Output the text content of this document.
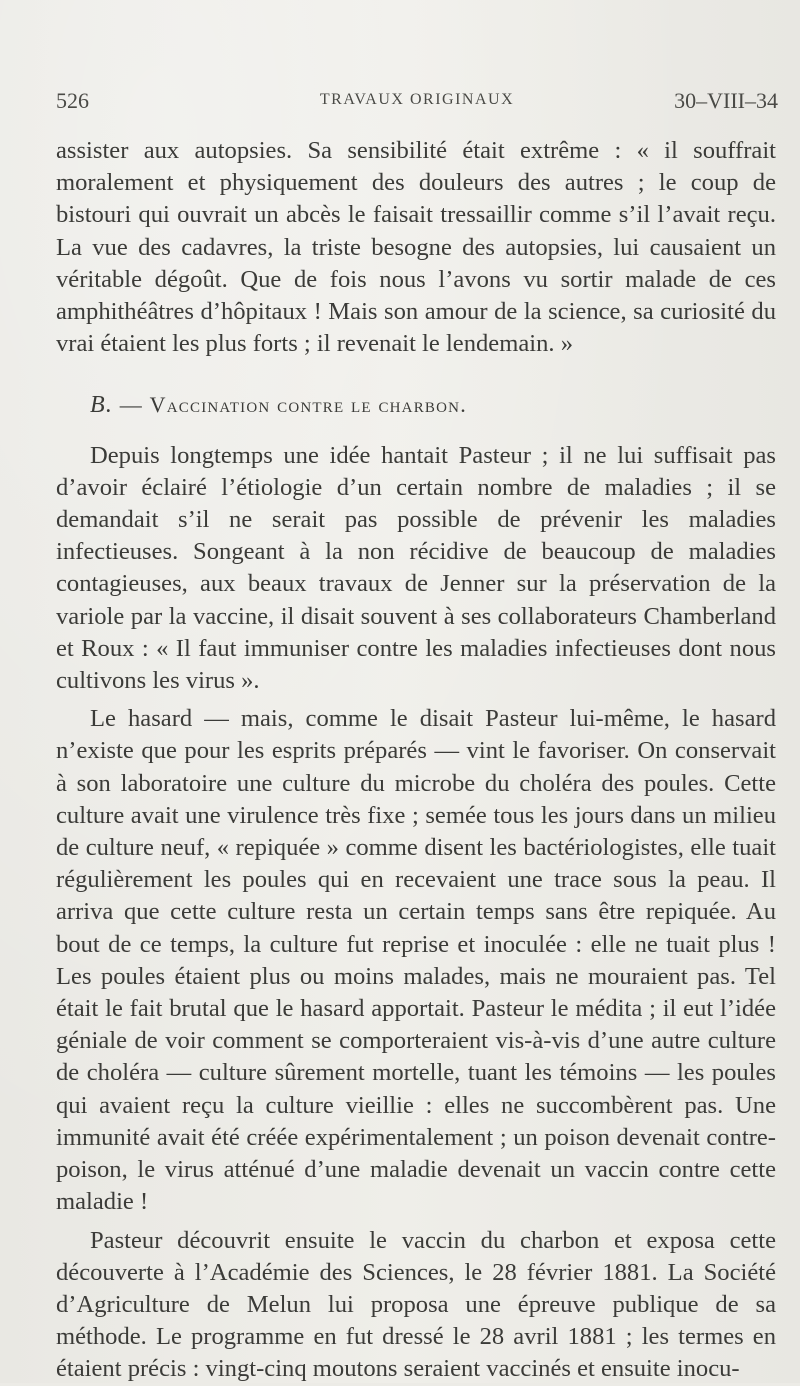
526	TRAVAUX ORIGINAUX	30–VIII–34

assister aux autopsies. Sa sensibilité était extrême : « il souffrait moralement et physiquement des douleurs des autres ; le coup de bistouri qui ouvrait un abcès le faisait tressaillir comme s’il l’avait reçu. La vue des cadavres, la triste besogne des autopsies, lui causaient un véritable dégoût. Que de fois nous l’avons vu sortir malade de ces amphithéâtres d’hôpitaux ! Mais son amour de la science, sa curiosité du vrai étaient les plus forts ; il revenait le lendemain. »

B. — Vaccination contre le charbon.

Depuis longtemps une idée hantait Pasteur ; il ne lui suffisait pas d’avoir éclairé l’étiologie d’un certain nombre de maladies ; il se demandait s’il ne serait pas possible de prévenir les maladies infectieuses. Songeant à la non récidive de beaucoup de maladies contagieuses, aux beaux travaux de Jenner sur la préservation de la variole par la vaccine, il disait souvent à ses collaborateurs Chamberland et Roux : « Il faut immuniser contre les maladies infectieuses dont nous cultivons les virus ».

Le hasard — mais, comme le disait Pasteur lui-même, le hasard n’existe que pour les esprits préparés — vint le favoriser. On conservait à son laboratoire une culture du microbe du choléra des poules. Cette culture avait une virulence très fixe ; semée tous les jours dans un milieu de culture neuf, « repiquée » comme disent les bactériologistes, elle tuait régulièrement les poules qui en recevaient une trace sous la peau. Il arriva que cette culture resta un certain temps sans être repiquée. Au bout de ce temps, la culture fut reprise et inoculée : elle ne tuait plus ! Les poules étaient plus ou moins malades, mais ne mouraient pas. Tel était le fait brutal que le hasard apportait. Pasteur le médita ; il eut l’idée géniale de voir comment se comporteraient vis-à-vis d’une autre culture de choléra — culture sûrement mortelle, tuant les témoins — les poules qui avaient reçu la culture vieillie : elles ne succombèrent pas. Une immunité avait été créée expérimentalement ; un poison devenait contre-poison, le virus atténué d’une maladie devenait un vaccin contre cette maladie !

Pasteur découvrit ensuite le vaccin du charbon et exposa cette découverte à l’Académie des Sciences, le 28 février 1881. La Société d’Agriculture de Melun lui proposa une épreuve publique de sa méthode. Le programme en fut dressé le 28 avril 1881 ; les termes en étaient précis : vingt-cinq moutons seraient vaccinés et ensuite inocu-
